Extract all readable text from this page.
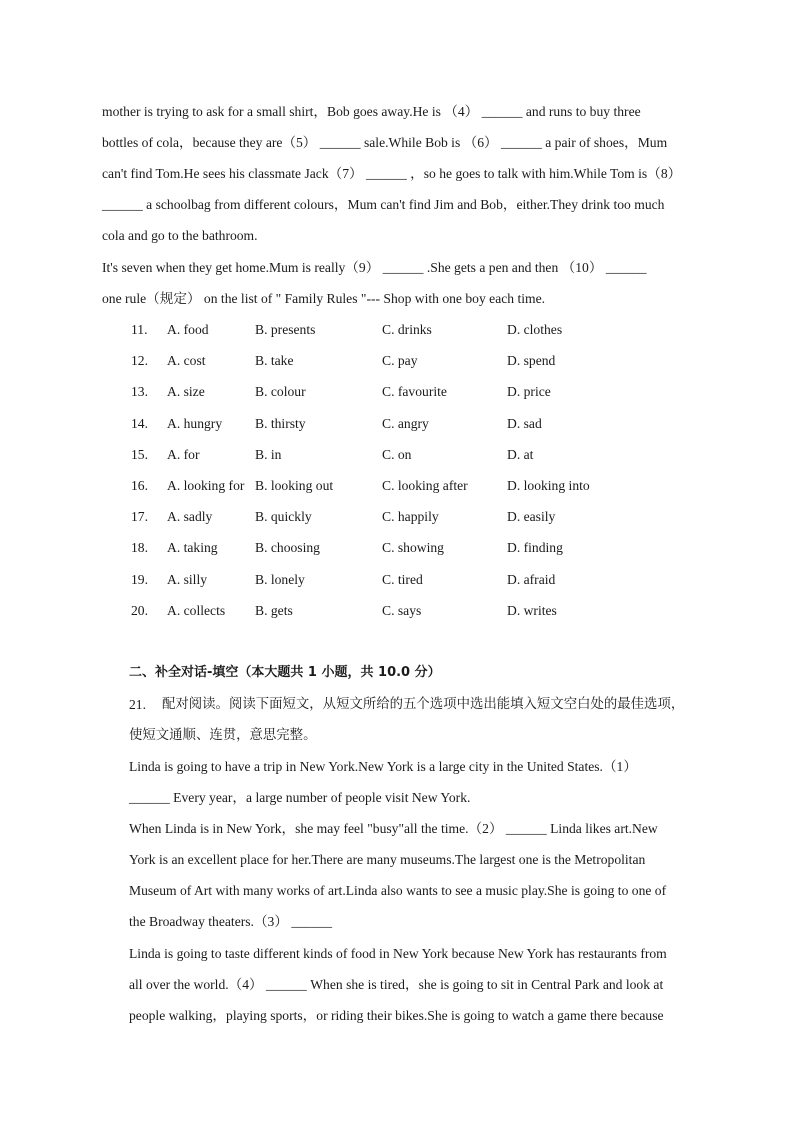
mother is trying to ask for a small shirt，Bob goes away.He is （4） ______ and runs to buy three
bottles of cola，because they are（5） ______ sale.While Bob is （6） ______ a pair of shoes，Mum
can't find Tom.He sees his classmate Jack（7） ______ ，so he goes to talk with him.While Tom is（8）
______ a schoolbag from different colours，Mum can't find Jim and Bob，either.They drink too much
cola and go to the bathroom.
It's seven when they get home.Mum is really（9） ______ .She gets a pen and then （10） ______
one rule（规定） on the list of " Family Rules "--- Shop with one boy each time.
11. A. food	B. presents	C. drinks	D. clothes
12. A. cost	B. take	C. pay	D. spend
13. A. size	B. colour	C. favourite	D. price
14. A. hungry B. thirsty	C. angry	D. sad
15. A. for	B. in	C. on	D. at
16. A. looking for B. looking out	C. looking after	D. looking into
17. A. sadly	B. quickly	C. happily	D. easily
18. A. taking	B. choosing	C. showing	D. finding
19. A. silly	B. lonely	C. tired	D. afraid
20. A. collects B. gets	C. says	D. writes
二、补全对话-填空（本大题共 1 小题，共 10.0 分）
21. 配对阅读。阅读下面短文，从短文所给的五个选项中选出能填入短文空白处的最佳选项，
使短文通顺、连贯，意思完整。
Linda is going to have a trip in New York.New York is a large city in the United States.（1）
______ Every year，a large number of people visit New York.
When Linda is in New York，she may feel "busy"all the time.（2） ______ Linda likes art.New
York is an excellent place for her.There are many museums.The largest one is the Metropolitan
Museum of Art with many works of art.Linda also wants to see a music play.She is going to one of
the Broadway theaters.（3） ______
Linda is going to taste different kinds of food in New York because New York has restaurants from
all over the world.（4） ______ When she is tired，she is going to sit in Central Park and look at
people walking，playing sports，or riding their bikes.She is going to watch a game there because
